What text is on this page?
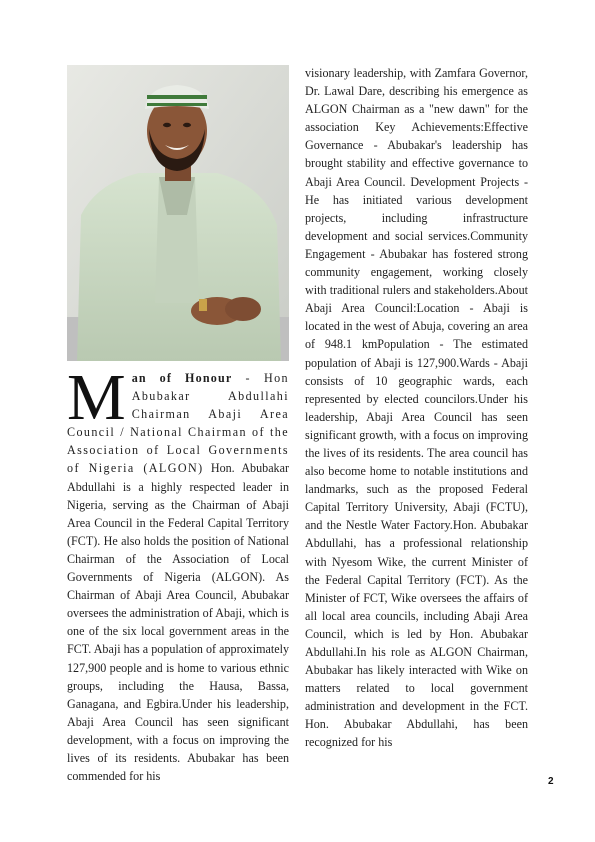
Man of Honour - Hon Abubakar Abdullahi Chairman Abaji Area Council / National Chairman of the Association of Local Governments of Nigeria (ALGON) Hon. Abubakar Abdullahi is a highly respected leader in Nigeria, serving as the Chairman of Abaji Area Council in the Federal Capital Territory (FCT). He also holds the position of National Chairman of the Association of Local Governments of Nigeria (ALGON). As Chairman of Abaji Area Council, Abubakar oversees the administration of Abaji, which is one of the six local government areas in the FCT. Abaji has a population of approximately 127,900 people and is home to various ethnic groups, including the Hausa, Bassa, Ganagana, and Egbira.Under his leadership, Abaji Area Council has seen significant development, with a focus on improving the lives of its residents. Abubakar has been commended for his

visionary leadership, with Zamfara Governor, Dr. Lawal Dare, describing his emergence as ALGON Chairman as a "new dawn" for the association Key Achievements:Effective Governance - Abubakar's leadership has brought stability and effective governance to Abaji Area Council. Development Projects - He has initiated various development projects, including infrastructure development and social services.Community Engagement - Abubakar has fostered strong community engagement, working closely with traditional rulers and stakeholders.About Abaji Area Council:Location - Abaji is located in the west of Abuja, covering an area of 948.1 kmPopulation - The estimated population of Abaji is 127,900.Wards - Abaji consists of 10 geographic wards, each represented by elected councilors.Under his leadership, Abaji Area Council has seen significant growth, with a focus on improving the lives of its residents. The area council has also become home to notable institutions and landmarks, such as the proposed Federal Capital Territory University, Abaji (FCTU), and the Nestle Water Factory.Hon. Abubakar Abdullahi, has a professional relationship with Nyesom Wike, the current Minister of the Federal Capital Territory (FCT). As the Minister of FCT, Wike oversees the affairs of all local area councils, including Abaji Area Council, which is led by Hon. Abubakar Abdullahi.In his role as ALGON Chairman, Abubakar has likely interacted with Wike on matters related to local government administration and development in the FCT. Hon. Abubakar Abdullahi, has been recognized for his

2
